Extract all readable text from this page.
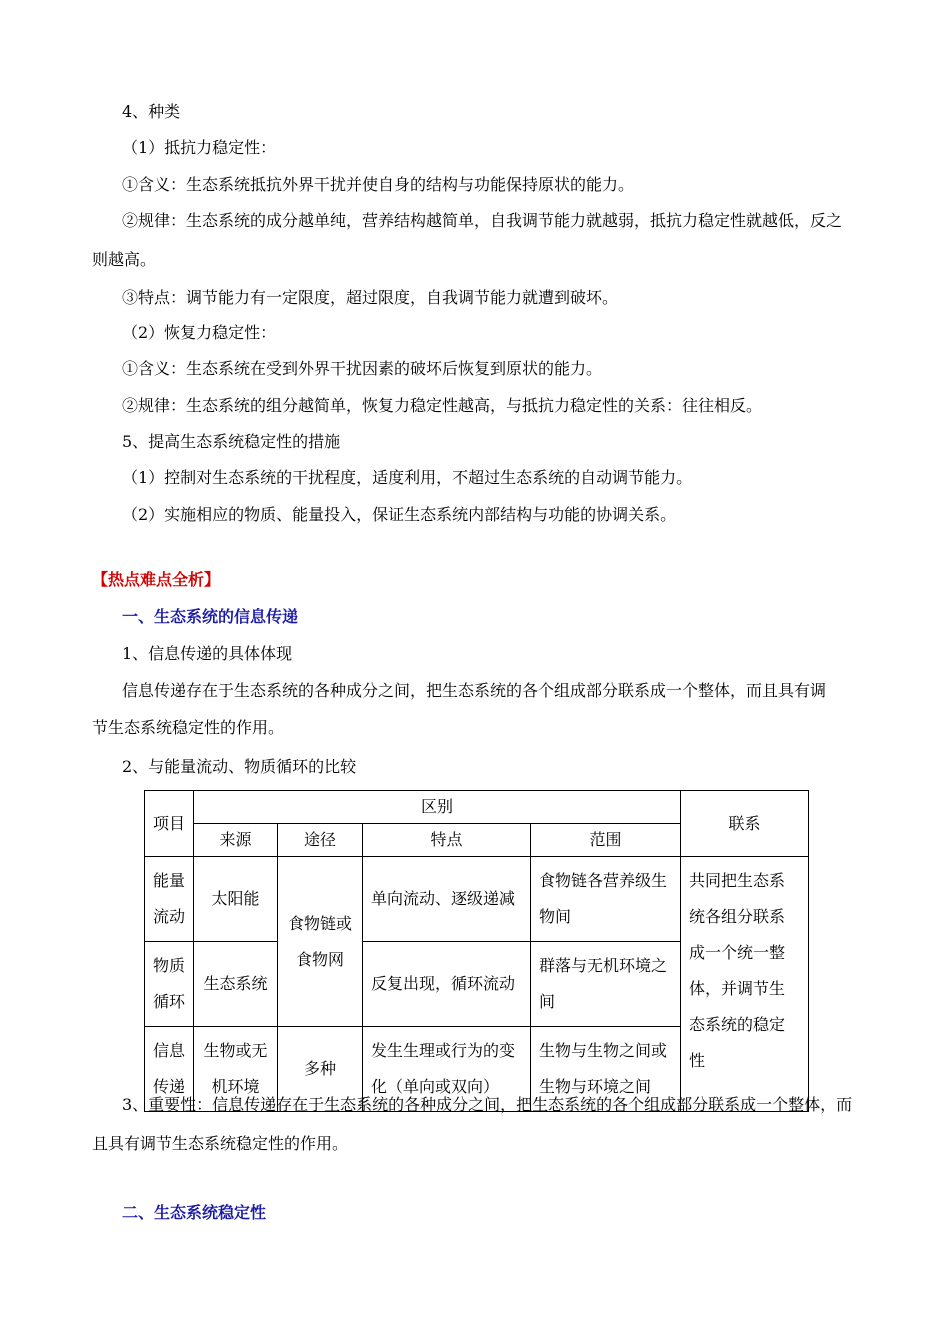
4、种类
（1）抵抗力稳定性：
①含义：生态系统抵抗外界干扰并使自身的结构与功能保持原状的能力。
②规律：生态系统的成分越单纯，营养结构越简单，自我调节能力就越弱，抵抗力稳定性就越低，反之
则越高。
③特点：调节能力有一定限度，超过限度，自我调节能力就遭到破坏。
（2）恢复力稳定性：
①含义：生态系统在受到外界干扰因素的破坏后恢复到原状的能力。
②规律：生态系统的组分越简单，恢复力稳定性越高，与抵抗力稳定性的关系：往往相反。
5、提高生态系统稳定性的措施
（1）控制对生态系统的干扰程度，适度利用，不超过生态系统的自动调节能力。
（2）实施相应的物质、能量投入，保证生态系统内部结构与功能的协调关系。
【热点难点全析】
一、生态系统的信息传递
1、信息传递的具体体现
信息传递存在于生态系统的各种成分之间，把生态系统的各个组成部分联系成一个整体，而且具有调
节生态系统稳定性的作用。
2、与能量流动、物质循环的比较
项目	区别				联系
	来源	途径	特点	范围	
能量流动	太阳能	食物链或食物网	单向流动、逐级递减	食物链各营养级生物间	共同把生态系统各组分联系成一个统一整体，并调节生态系统的稳定性
物质循环	生态系统		反复出现，循环流动	群落与无机环境之间	
信息传递	生物或无机环境	多种	发生生理或行为的变化（单向或双向）	生物与生物之间或生物与环境之间	
3、重要性：信息传递存在于生态系统的各种成分之间，把生态系统的各个组成部分联系成一个整体，而
且具有调节生态系统稳定性的作用。
二、生态系统稳定性
